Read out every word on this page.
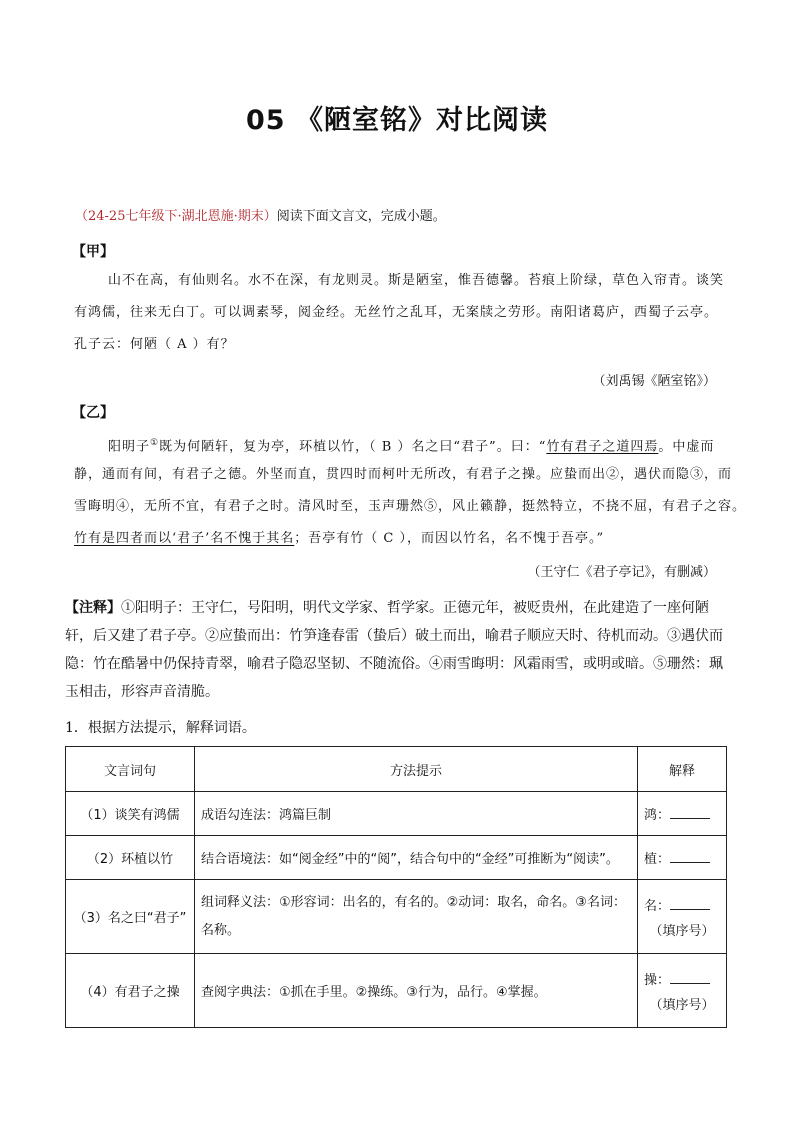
05 《陋室铭》对比阅读
（24-25七年级下·湖北恩施·期末）阅读下面文言文，完成小题。
【甲】
山不在高，有仙则名。水不在深，有龙则灵。斯是陋室，惟吾德馨。苔痕上阶绿，草色入帘青。谈笑
有鸿儒，往来无白丁。可以调素琴，阅金经。无丝竹之乱耳，无案牍之劳形。南阳诸葛庐，西蜀子云亭。
孔子云：何陋（ A ）有？
（刘禹锡《陋室铭》）
【乙】
阳明子①既为何陋轩，复为亭，环植以竹，（ B ）名之曰“君子”。曰：“竹有君子之道四焉。中虚而
静，通而有间，有君子之德。外坚而直，贯四时而柯叶无所改，有君子之操。应蛰而出②，遇伏而隐③，而
雪晦明④，无所不宜，有君子之时。清风时至，玉声珊然⑤，风止籁静，挺然特立，不挠不屈，有君子之容。
竹有是四者而以‘君子’名不愧于其名；吾亭有竹（ C ），而因以竹名，名不愧于吾亭。”
（王守仁《君子亭记》，有删减）
【注释】①阳明子：王守仁，号阳明，明代文学家、哲学家。正德元年，被贬贵州，在此建造了一座何陋轩，后又建了君子亭。②应蛰而出：竹笋逢春雷（蛰后）破土而出，喻君子顺应天时、待机而动。③遇伏而隐：竹在酷暑中仍保持青翠，喻君子隐忍坚韧、不随流俗。④雨雪晦明：风霜雨雪，或明或暗。⑤珊然：珮玉相击，形容声音清脆。
1．根据方法提示，解释词语。
文言词句	方法提示	解释
（1）谈笑有鸿儒	成语勾连法：鸿篇巨制	鸿：
（2）环植以竹	结合语境法：如“阅金经”中的“阅”，结合句中的“金经”可推断为“阅读”。	植：
（3）名之曰“君子”	组词释义法：①形容词：出名的，有名的。②动词：取名，命名。③名词：名称。	名：
（填序号）

（4）有君子之操	查阅字典法：①抓在手里。②操练。③行为，品行。④掌握。	操：
（填序号）
